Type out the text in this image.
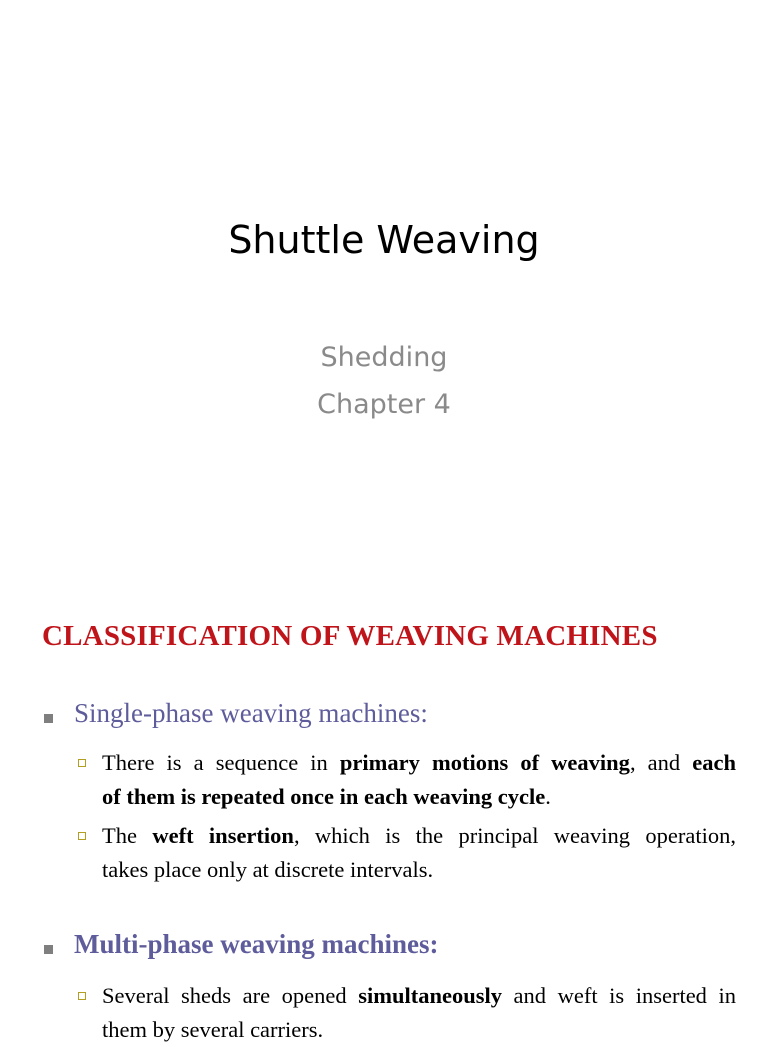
Shuttle Weaving
Shedding
Chapter 4
CLASSIFICATION OF WEAVING MACHINES
Single-phase weaving machines:
There is a sequence in primary motions of weaving, and each
of them is repeated once in each weaving cycle.
The weft insertion, which is the principal weaving operation,
takes place only at discrete intervals.
Multi-phase weaving machines:
Several sheds are opened simultaneously and weft is inserted in
them by several carriers.
